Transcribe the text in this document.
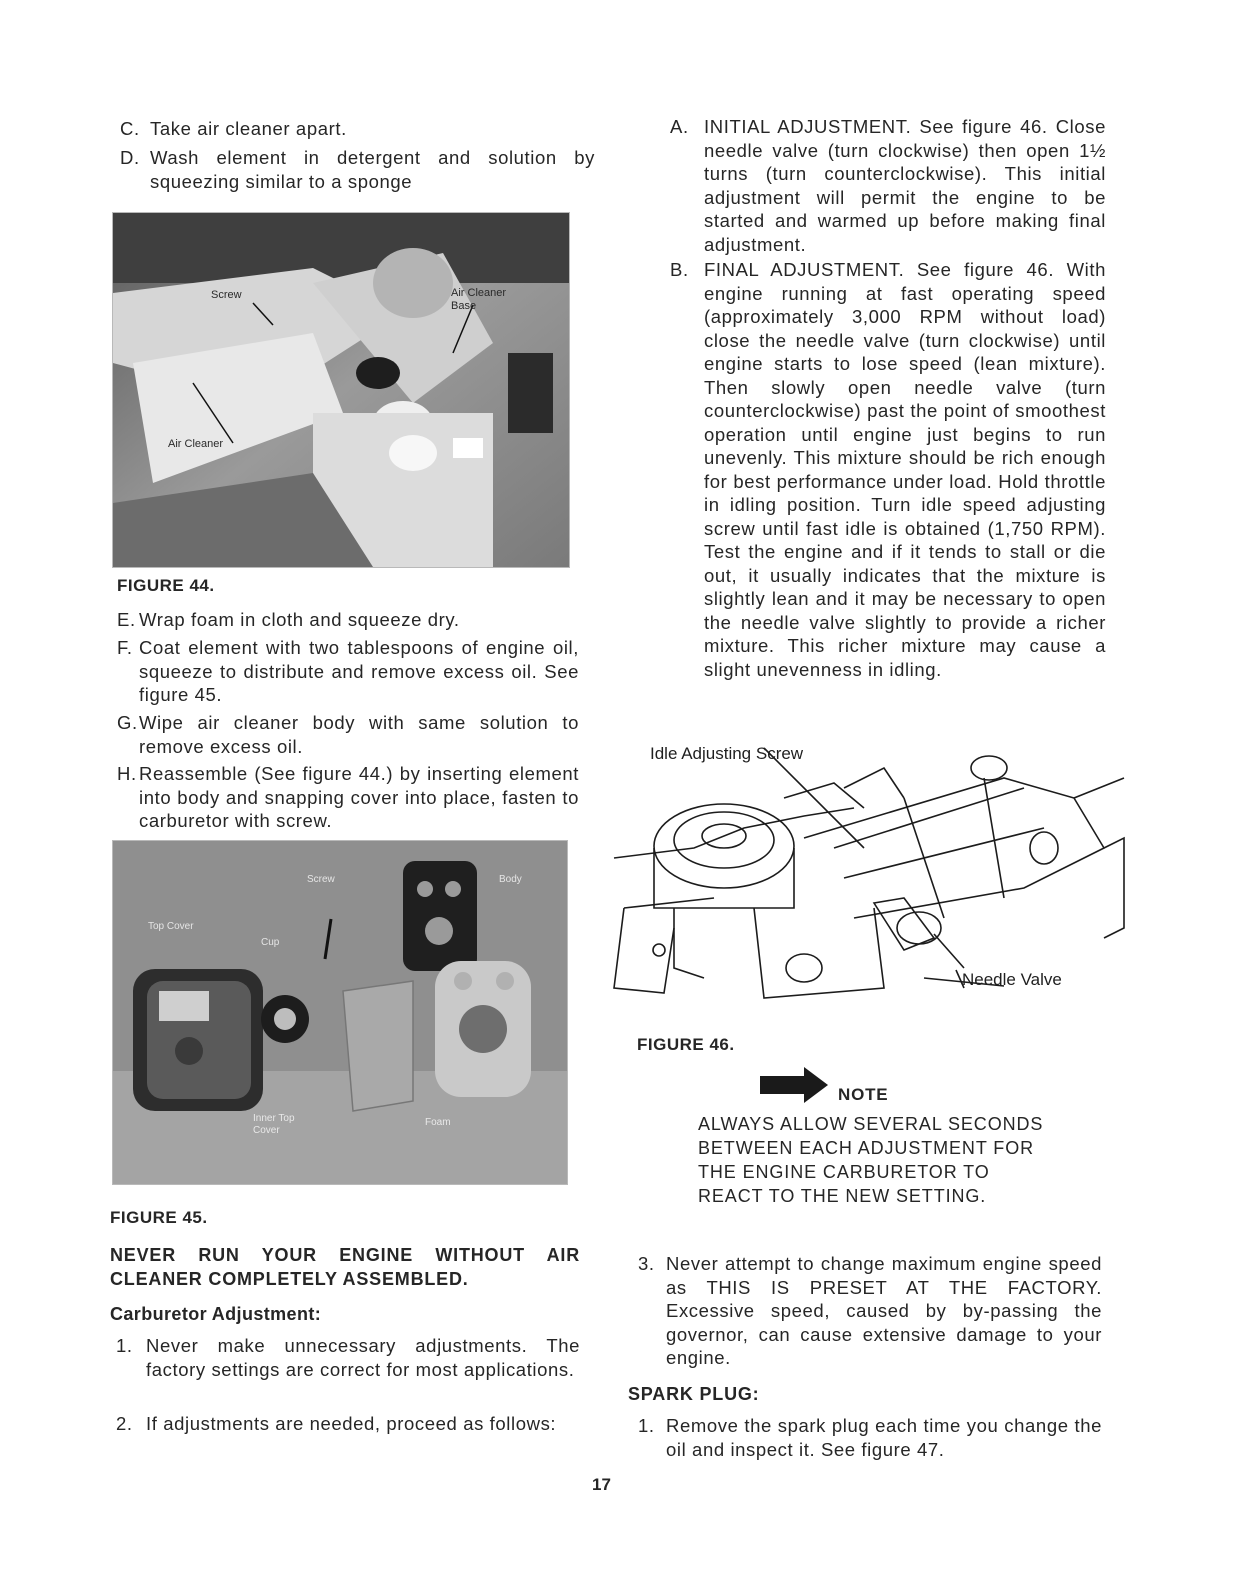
C. Take air cleaner apart.
D. Wash element in detergent and solution by squeezing similar to a sponge
Screw	Air Cleaner Base
Air Cleaner
FIGURE 44.
E. Wrap foam in cloth and squeeze dry.
F. Coat element with two tablespoons of engine oil, squeeze to distribute and remove excess oil. See figure 45.
G. Wipe air cleaner body with same solution to remove excess oil.
H. Reassemble (See figure 44.) by inserting element into body and snapping cover into place, fasten to carburetor with screw.
Top Cover
Screw	Body
Cup
Inner Top Cover
Foam
FIGURE 45.
NEVER RUN YOUR ENGINE WITHOUT AIR CLEANER COMPLETELY ASSEMBLED.
Carburetor Adjustment:
1. Never make unnecessary adjustments. The factory settings are correct for most applications.
2. If adjustments are needed, proceed as follows:
A. INITIAL ADJUSTMENT. See figure 46. Close needle valve (turn clockwise) then open 1½ turns (turn counterclockwise). This initial adjustment will permit the engine to be started and warmed up before making final adjustment.
B. FINAL ADJUSTMENT. See figure 46. With engine running at fast operating speed (approximately 3,000 RPM without load) close the needle valve (turn clockwise) until engine starts to lose speed (lean mixture). Then slowly open needle valve (turn counterclockwise) past the point of smoothest operation until engine just begins to run unevenly. This mixture should be rich enough for best performance under load. Hold throttle in idling position. Turn idle speed adjusting screw until fast idle is obtained (1,750 RPM). Test the engine and if it tends to stall or die out, it usually indicates that the mixture is slightly lean and it may be necessary to open the needle valve slightly to provide a richer mixture. This richer mixture may cause a slight unevenness in idling.
Idle Adjusting Screw
Needle Valve
FIGURE 46.
NOTE
ALWAYS ALLOW SEVERAL SECONDS BETWEEN EACH ADJUSTMENT FOR THE ENGINE CARBURETOR TO REACT TO THE NEW SETTING.
3. Never attempt to change maximum engine speed as THIS IS PRESET AT THE FACTORY. Excessive speed, caused by by-passing the governor, can cause extensive damage to your engine.
SPARK PLUG:
1. Remove the spark plug each time you change the oil and inspect it. See figure 47.
17
